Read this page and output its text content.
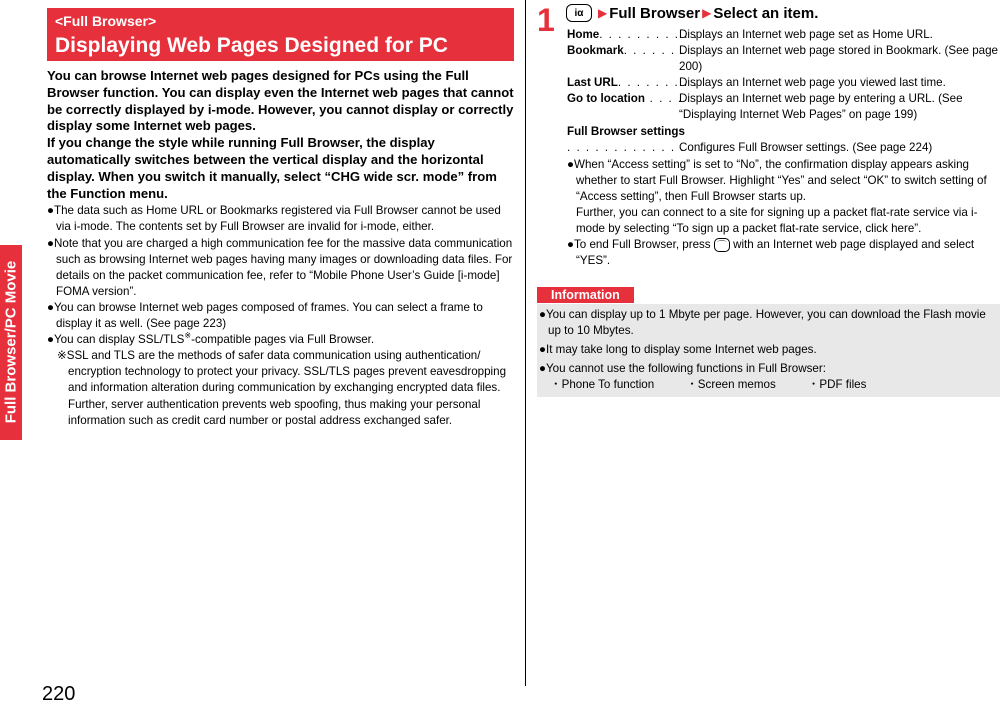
Full Browser/PC Movie
220
<Full Browser>
Displaying Web Pages Designed for PC

You can browse Internet web pages designed for PCs using the Full Browser function. You can display even the Internet web pages that cannot be correctly displayed by i-mode. However, you cannot display or correctly display some Internet web pages.

If you change the style while running Full Browser, the display automatically switches between the vertical display and the horizontal display. When you switch it manually, select “CHG wide scr. mode” from the Function menu.

●The data such as Home URL or Bookmarks registered via Full Browser cannot be used via i-mode. The contents set by Full Browser are invalid for i-mode, either.
●Note that you are charged a high communication fee for the massive data communication such as browsing Internet web pages having many images or downloading data files. For details on the packet communication fee, refer to “Mobile Phone User’s Guide [i-mode] FOMA version”.
●You can browse Internet web pages composed of frames. You can select a frame to display it as well. (See page 223)
●You can display SSL/TLS※-compatible pages via Full Browser.
※SSL and TLS are the methods of safer data communication using authentication/ encryption technology to protect your privacy. SSL/TLS pages prevent eavesdropping and information alteration during communication by exchanging encrypted data files. Further, server authentication prevents web spoofing, thus making your personal information such as credit card number or postal address exchanged safer.
1	iα	▶ Full Browser ▶ Select an item.
Home. . . . . . . . . . .
Displays an Internet web page set as Home URL.
Bookmark. . . . . . . .
Displays an Internet web page stored in Bookmark. (See page 200)
Last URL. . . . . . . . .
Displays an Internet web page you viewed last time.
Go to location . . . .
Displays an Internet web page by entering a URL. (See “Displaying Internet Web Pages” on page 199)
Full Browser settings
. . . . . . . . . . . . . . . . .
Configures Full Browser settings. (See page 224)
●When “Access setting” is set to “No”, the confirmation display appears asking whether to start Full Browser. Highlight “Yes” and select “OK” to switch setting of “Access setting”, then Full Browser starts up.
Further, you can connect to a site for signing up a packet flat-rate service via i-mode by selecting “To sign up a packet flat-rate service, click here”.
●To end Full Browser, press ⌒ with an Internet web page displayed and select “YES”.
Information
●You can display up to 1 Mbyte per page. However, you can download the Flash movie up to 10 Mbytes.
●It may take long to display some Internet web pages.
●You cannot use the following functions in Full Browser:
・Phone To function	・Screen memos	・PDF files
